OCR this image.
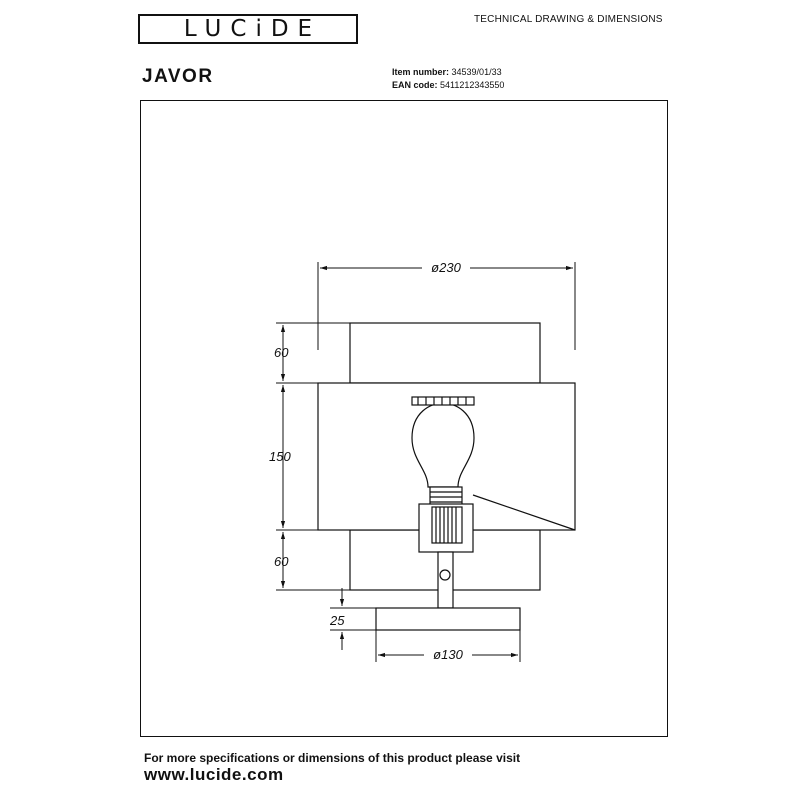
LUCiDE	TECHNICAL DRAWING & DIMENSIONS
JAVOR	Item number: 34539/01/33
EAN code: 5411212343550
ø230
60
150
60
25
ø130
For more specifications or dimensions of this product please visit
www.lucide.com
